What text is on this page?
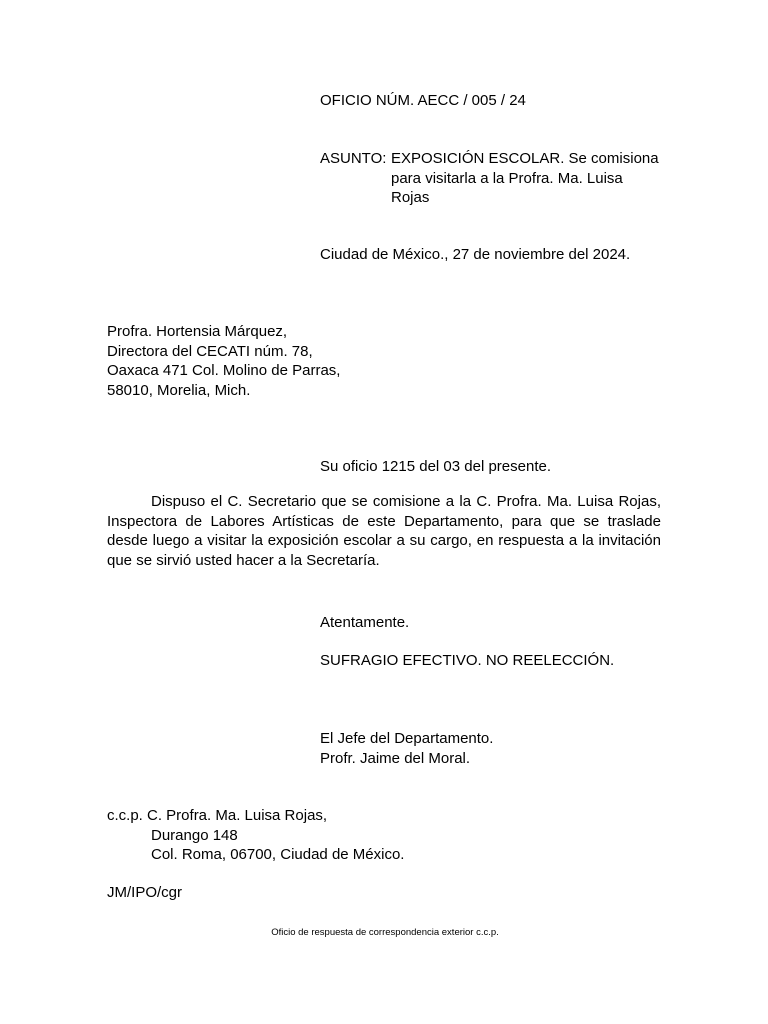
OFICIO NÚM. AECC / 005 / 24
ASUNTO: EXPOSICIÓN ESCOLAR. Se comisiona
para visitarla a la Profra. Ma. Luisa
Rojas
Ciudad de México., 27 de noviembre del 2024.
Profra. Hortensia Márquez,
Directora del CECATI núm. 78,
Oaxaca 471 Col. Molino de Parras,
58010, Morelia, Mich.
Su oficio 1215 del 03 del presente.

Dispuso el C. Secretario que se comisione a la C. Profra. Ma. Luisa Rojas, Inspectora de Labores Artísticas de este Departamento, para que se traslade desde luego a visitar la exposición escolar a su cargo, en respuesta a la invitación que se sirvió usted hacer a la Secretaría.

Atentamente.
SUFRAGIO EFECTIVO. NO REELECCIÓN.
El Jefe del Departamento.
Profr. Jaime del Moral.
c.c.p. C. Profra. Ma. Luisa Rojas,
Durango 148
Col. Roma, 06700, Ciudad de México.
JM/IPO/cgr
Oficio de respuesta de correspondencia exterior c.c.p.
